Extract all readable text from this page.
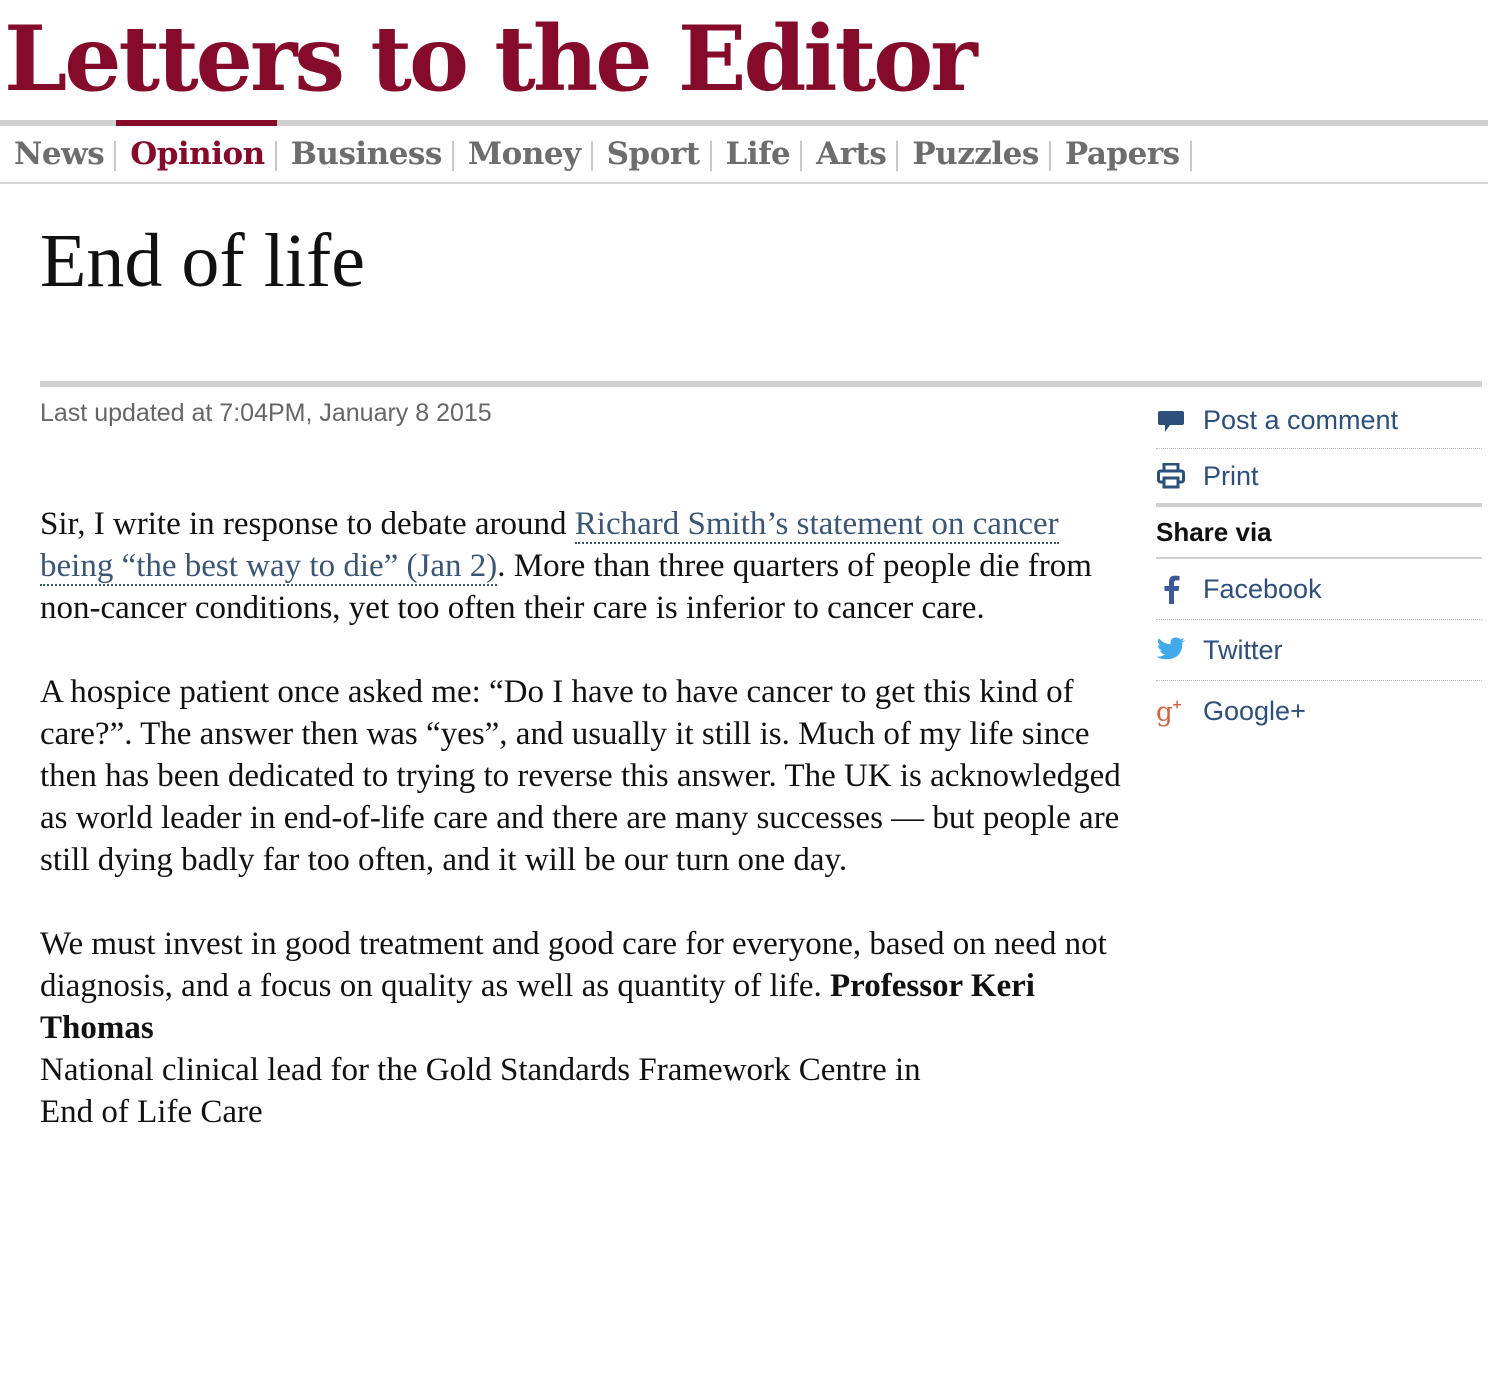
Letters to the Editor
News Opinion Business Money Sport Life Arts Puzzles Papers
End of life
Last updated at 7:04PM, January 8 2015

Sir, I write in response to debate around Richard Smith’s statement on cancer being “the best way to die” (Jan 2). More than three quarters of people die from non-cancer conditions, yet too often their care is inferior to cancer care.

A hospice patient once asked me: “Do I have to have cancer to get this kind of care?”. The answer then was “yes”, and usually it still is. Much of my life since then has been dedicated to trying to reverse this answer. The UK is acknowledged as world leader in end-of-life care and there are many successes — but people are still dying badly far too often, and it will be our turn one day.

We must invest in good treatment and good care for everyone, based on need not diagnosis, and a focus on quality as well as quantity of life. Professor Keri Thomas
National clinical lead for the Gold Standards Framework Centre in
End of Life Care

Post a comment
Print
Share via
Facebook
Twitter
g + Google+
